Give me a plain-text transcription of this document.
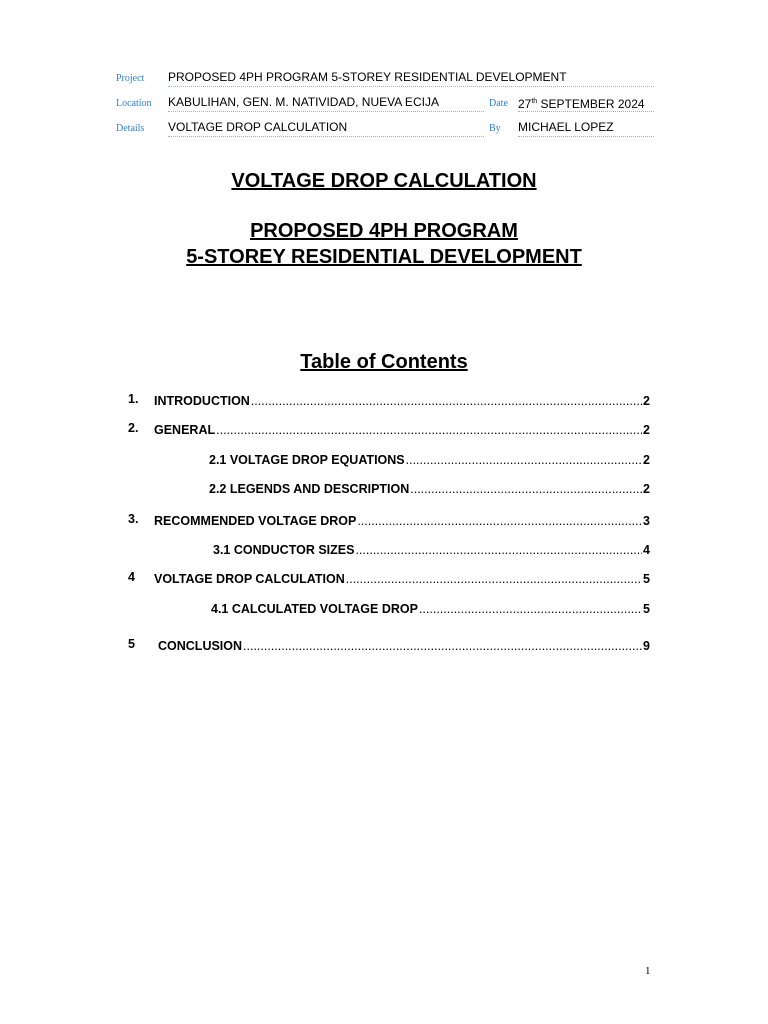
Project PROPOSED 4PH PROGRAM 5-STOREY RESIDENTIAL DEVELOPMENT
Location KABULIHAN, GEN. M. NATIVIDAD, NUEVA ECIJA	Date 27th SEPTEMBER 2024
Details VOLTAGE DROP CALCULATION	By MICHAEL LOPEZ
VOLTAGE DROP CALCULATION
PROPOSED 4PH PROGRAM
5-STOREY RESIDENTIAL DEVELOPMENT
Table of Contents
1. INTRODUCTION .....	2
2. GENERAL .....	2
2.1 VOLTAGE DROP EQUATIONS .....	2
2.2 LEGENDS AND DESCRIPTION .....	2
3. RECOMMENDED VOLTAGE DROP .....	3
3.1 CONDUCTOR SIZES .....	4
4 VOLTAGE DROP CALCULATION .....	5
4.1 CALCULATED VOLTAGE DROP .....	5
5 CONCLUSION .....	9
1
